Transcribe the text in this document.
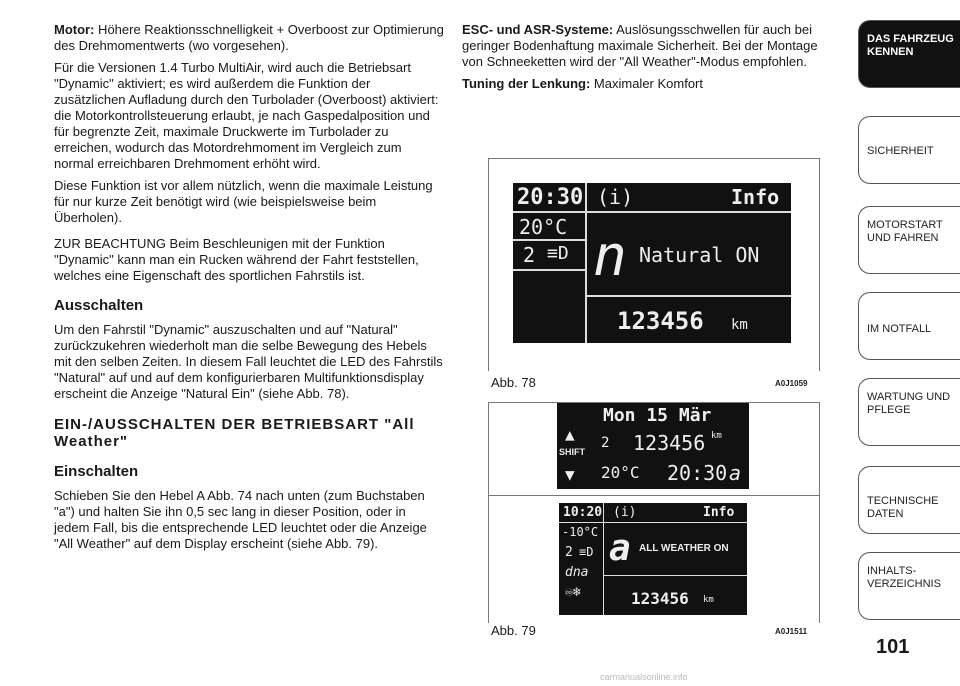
Motor: Höhere Reaktionsschnelligkeit + Overboost zur Optimierung des Drehmomentwerts (wo vorgesehen).

Für die Versionen 1.4 Turbo MultiAir, wird auch die Betriebsart "Dynamic" aktiviert; es wird außerdem die Funktion der zusätzlichen Aufladung durch den Turbolader (Overboost) aktiviert: die Motorkontrollsteuerung erlaubt, je nach Gaspedalposition und für begrenzte Zeit, maximale Druckwerte im Turbolader zu erreichen, wodurch das Motordrehmoment im Vergleich zum normal erreichbaren Drehmoment erhöht wird.

Diese Funktion ist vor allem nützlich, wenn die maximale Leistung für nur kurze Zeit benötigt wird (wie beispielsweise beim Überholen).

ZUR BEACHTUNG Beim Beschleunigen mit der Funktion "Dynamic" kann man ein Rucken während der Fahrt feststellen, welches eine Eigenschaft des sportlichen Fahrstils ist.

Ausschalten

Um den Fahrstil "Dynamic" auszuschalten und auf "Natural" zurückzukehren wiederholt man die selbe Bewegung des Hebels mit den selben Zeiten. In diesem Fall leuchtet die LED des Fahrstils "Natural" auf und auf dem konfigurierbaren Multifunktionsdisplay erscheint die Anzeige "Natural Ein" (siehe Abb. 78).

EIN-/AUSSCHALTEN DER BETRIEBSART "All Weather"
Einschalten

Schieben Sie den Hebel A Abb. 74 nach unten (zum Buchstaben "a") und halten Sie ihn 0,5 sec lang in dieser Position, oder in jedem Fall, bis die entsprechende LED leuchtet oder die Anzeige "All Weather" auf dem Display erscheint (siehe Abb. 79).

ESC- und ASR-Systeme: Auslösungsschwellen für auch bei geringer Bodenhaftung maximale Sicherheit. Bei der Montage von Schneeketten wird der "All Weather"-Modus empfohlen.

Tuning der Lenkung: Maximaler Komfort

20:30 (i)	Info
20°C
2 ≡D n Natural ON
123456 km
Abb. 78	A0J1059
Mon 15 Mär
2 123456 km
20°C 20:30 a
▲
SHIFT
▼
10:20 (i)	Info
-10°C
2 ≡D
dna
♾❄
a ALL WEATHER ON
123456 km
Abb. 79	A0J1511
DAS FAHRZEUG KENNEN
SICHERHEIT
MOTORSTART UND FAHREN
IM NOTFALL
WARTUNG UND PFLEGE
TECHNISCHE DATEN
INHALTS-VERZEICHNIS
101
carmanualsonline.info
